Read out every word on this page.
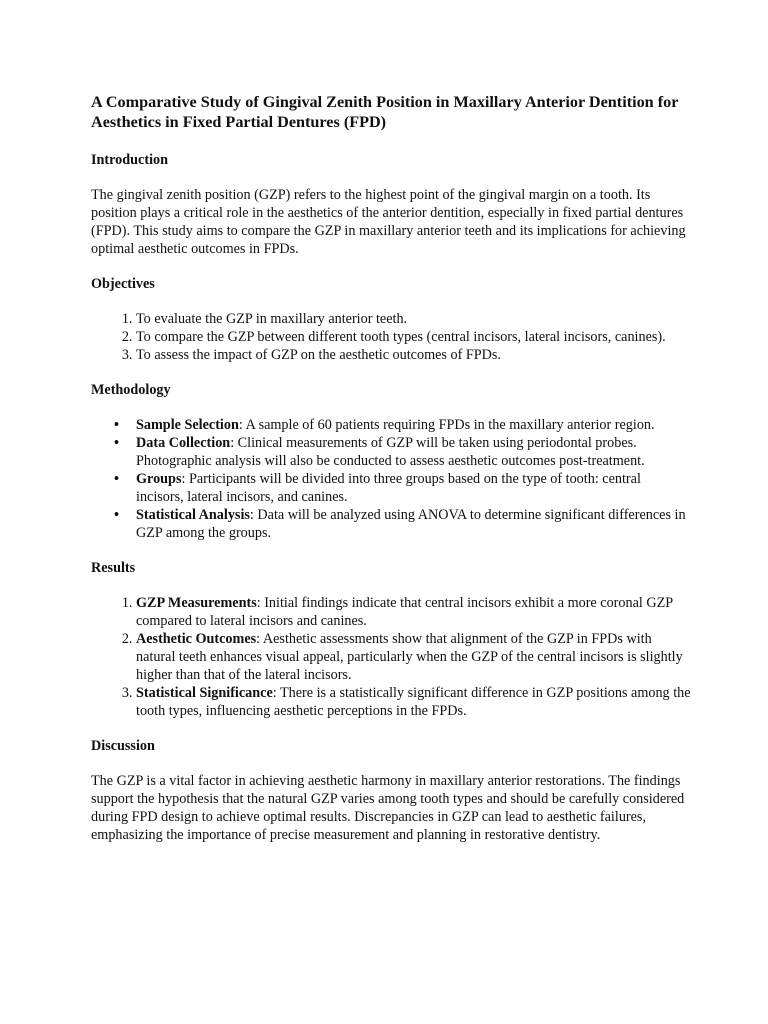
A Comparative Study of Gingival Zenith Position in Maxillary Anterior Dentition for Aesthetics in Fixed Partial Dentures (FPD)
Introduction

The gingival zenith position (GZP) refers to the highest point of the gingival margin on a tooth. Its position plays a critical role in the aesthetics of the anterior dentition, especially in fixed partial dentures (FPD). This study aims to compare the GZP in maxillary anterior teeth and its implications for achieving optimal aesthetic outcomes in FPDs.

Objectives
1. To evaluate the GZP in maxillary anterior teeth.
2. To compare the GZP between different tooth types (central incisors, lateral incisors, canines).
3. To assess the impact of GZP on the aesthetic outcomes of FPDs.
Methodology
• Sample Selection: A sample of 60 patients requiring FPDs in the maxillary anterior region.
• Data Collection: Clinical measurements of GZP will be taken using periodontal probes. Photographic analysis will also be conducted to assess aesthetic outcomes post-treatment.
• Groups: Participants will be divided into three groups based on the type of tooth: central incisors, lateral incisors, and canines.
• Statistical Analysis: Data will be analyzed using ANOVA to determine significant differences in GZP among the groups.
Results
1. GZP Measurements: Initial findings indicate that central incisors exhibit a more coronal GZP compared to lateral incisors and canines.
2. Aesthetic Outcomes: Aesthetic assessments show that alignment of the GZP in FPDs with natural teeth enhances visual appeal, particularly when the GZP of the central incisors is slightly higher than that of the lateral incisors.
3. Statistical Significance: There is a statistically significant difference in GZP positions among the tooth types, influencing aesthetic perceptions in the FPDs.
Discussion

The GZP is a vital factor in achieving aesthetic harmony in maxillary anterior restorations. The findings support the hypothesis that the natural GZP varies among tooth types and should be carefully considered during FPD design to achieve optimal results. Discrepancies in GZP can lead to aesthetic failures, emphasizing the importance of precise measurement and planning in restorative dentistry.
